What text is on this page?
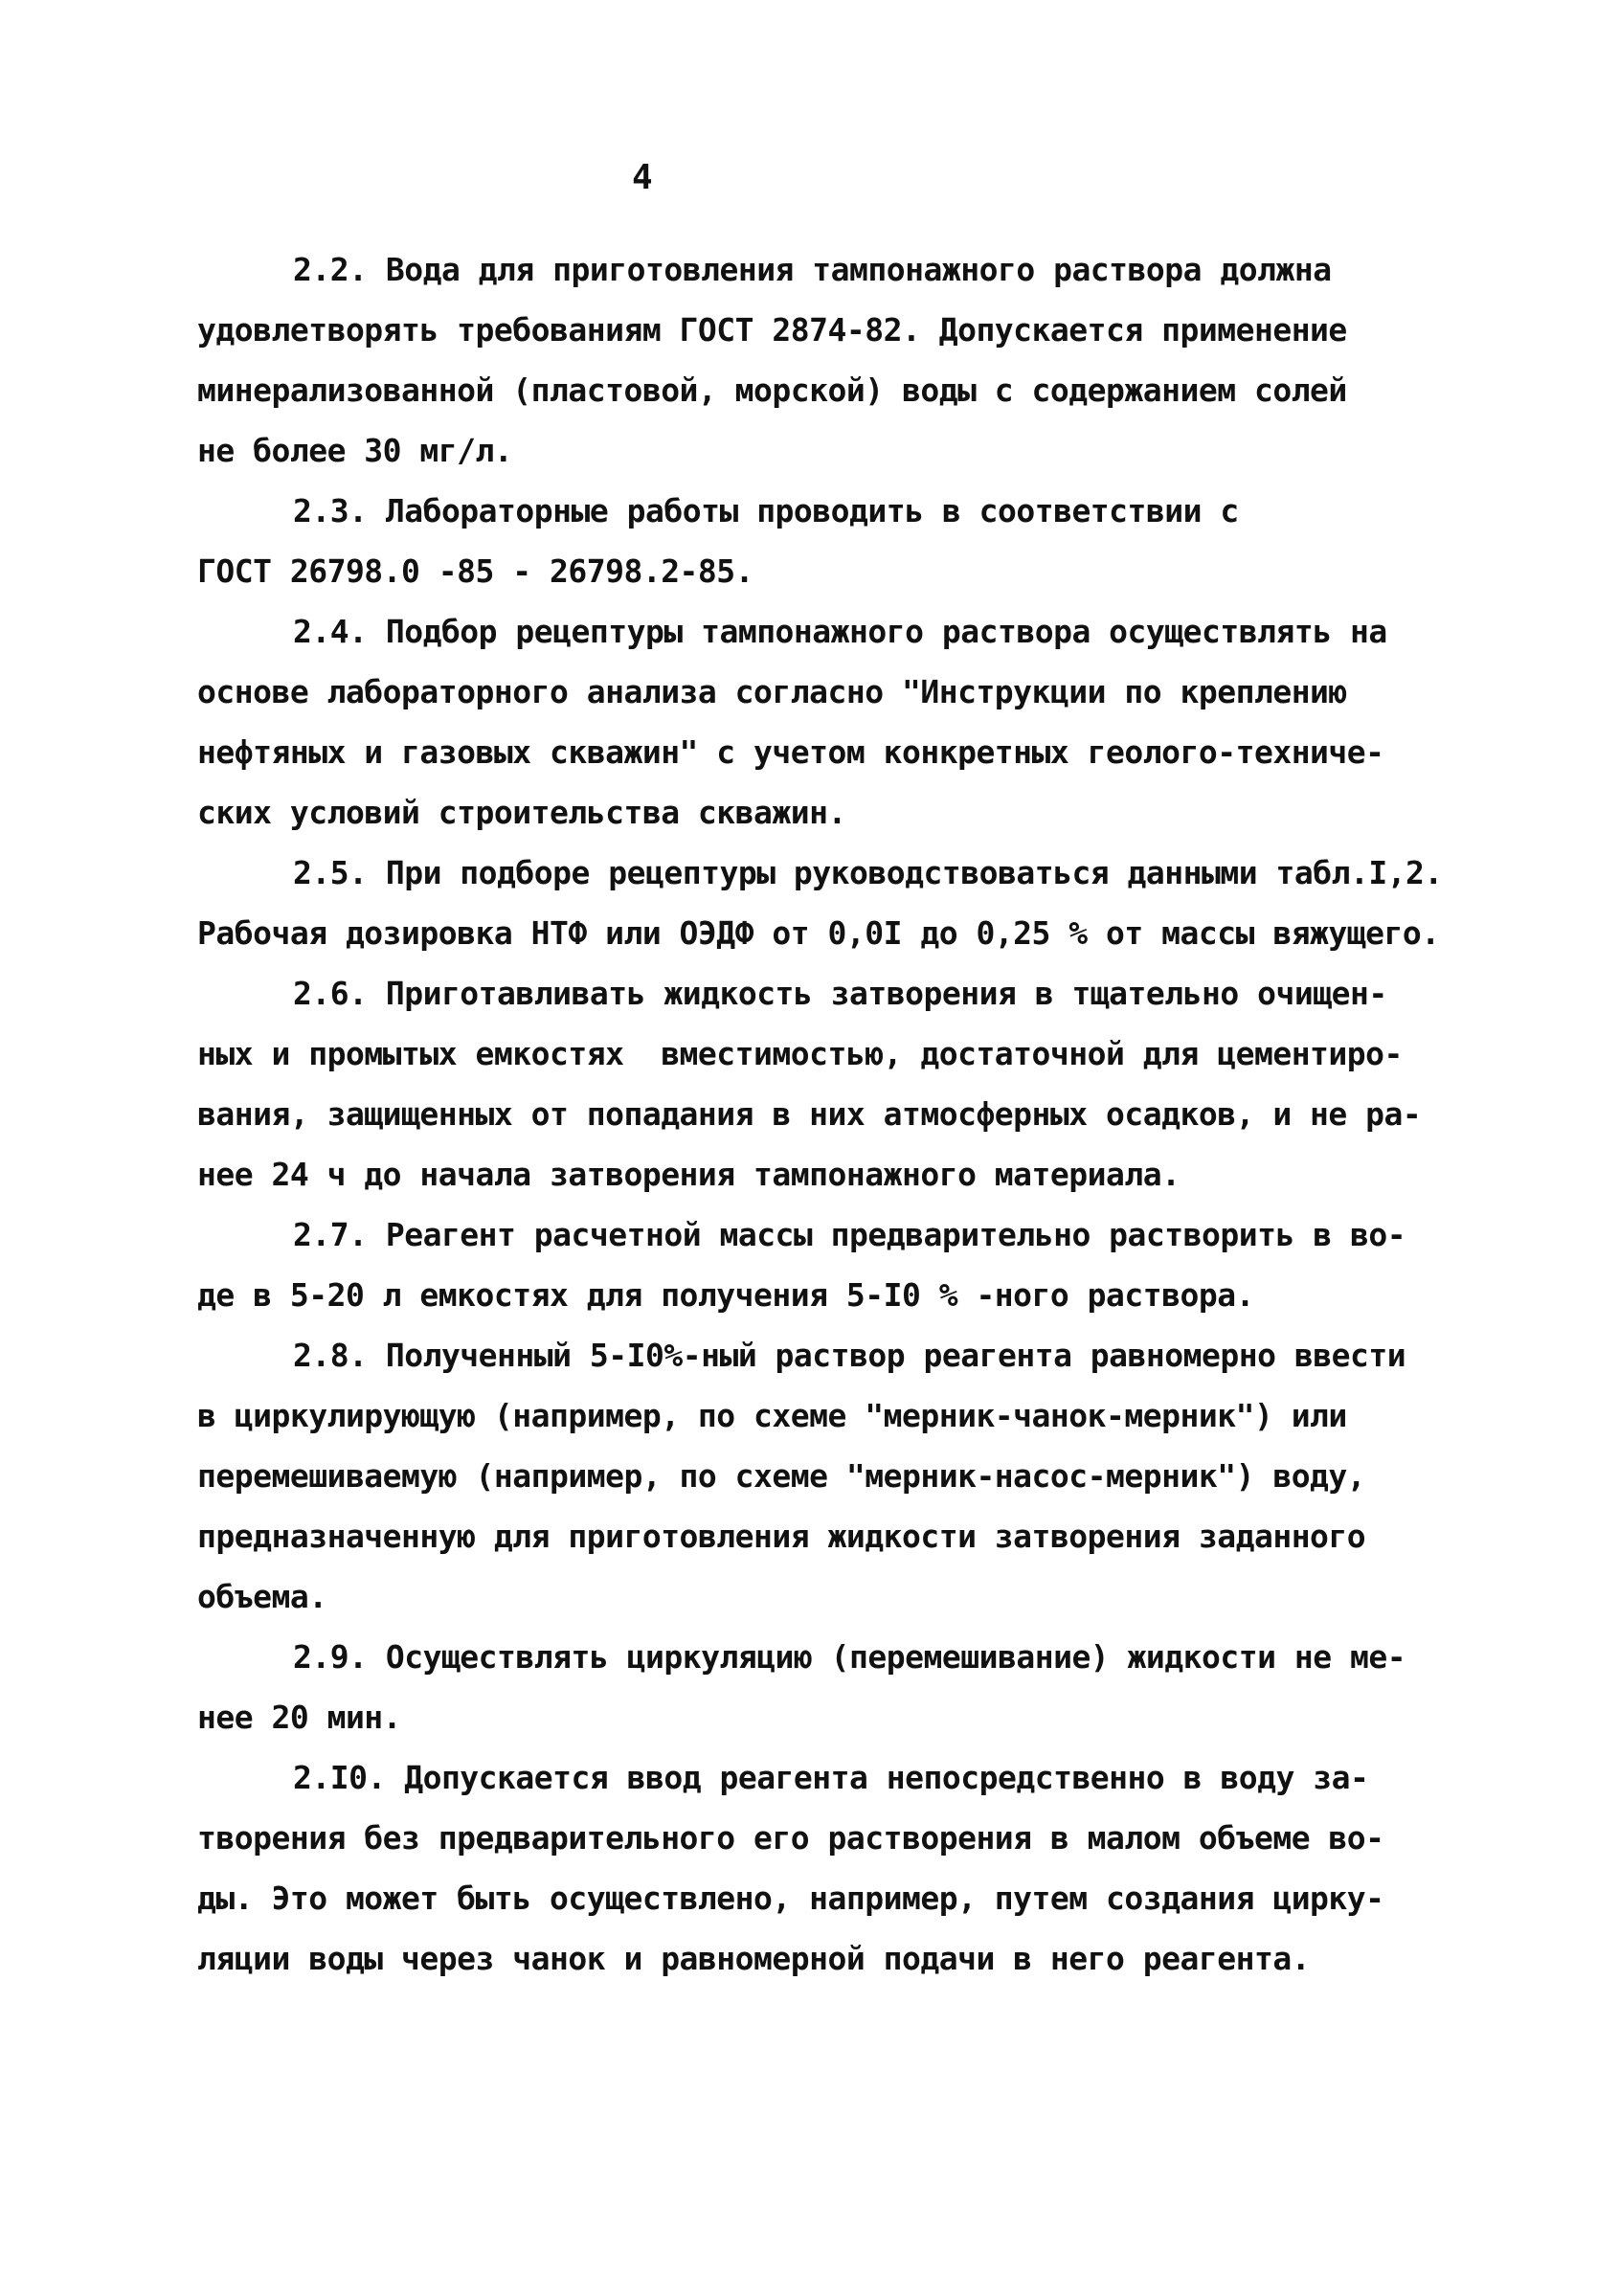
4
2.2. Вода для приготовления тампонажного раствора должна
удовлетворять требованиям ГОСТ 2874-82. Допускается применение
минерализованной (пластовой, морской) воды с содержанием солей
не более 30 мг/л.
2.3. Лабораторные работы проводить в соответствии с
ГОСТ 26798.0 -85 - 26798.2-85.
2.4. Подбор рецептуры тампонажного раствора осуществлять на
основе лабораторного анализа согласно "Инструкции по креплению
нефтяных и газовых скважин" с учетом конкретных геолого-техниче-
ских условий строительства скважин.
2.5. При подборе рецептуры руководствоваться данными табл.I,2.
Рабочая дозировка НТФ или ОЭДФ от 0,0I до 0,25 % от массы вяжущего.
2.6. Приготавливать жидкость затворения в тщательно очищен-
ных и промытых емкостях  вместимостью, достаточной для цементиро-
вания, защищенных от попадания в них атмосферных осадков, и не ра-
нее 24 ч до начала затворения тампонажного материала.
2.7. Реагент расчетной массы предварительно растворить в во-
де в 5-20 л емкостях для получения 5-I0 % -ного раствора.
2.8. Полученный 5-I0%-ный раствор реагента равномерно ввести
в циркулирующую (например, по схеме "мерник-чанок-мерник") или
перемешиваемую (например, по схеме "мерник-насос-мерник") воду,
предназначенную для приготовления жидкости затворения заданного
объема.
2.9. Осуществлять циркуляцию (перемешивание) жидкости не ме-
нее 20 мин.
2.I0. Допускается ввод реагента непосредственно в воду за-
творения без предварительного его растворения в малом объеме во-
ды. Это может быть осуществлено, например, путем создания цирку-
ляции воды через чанок и равномерной подачи в него реагента.
